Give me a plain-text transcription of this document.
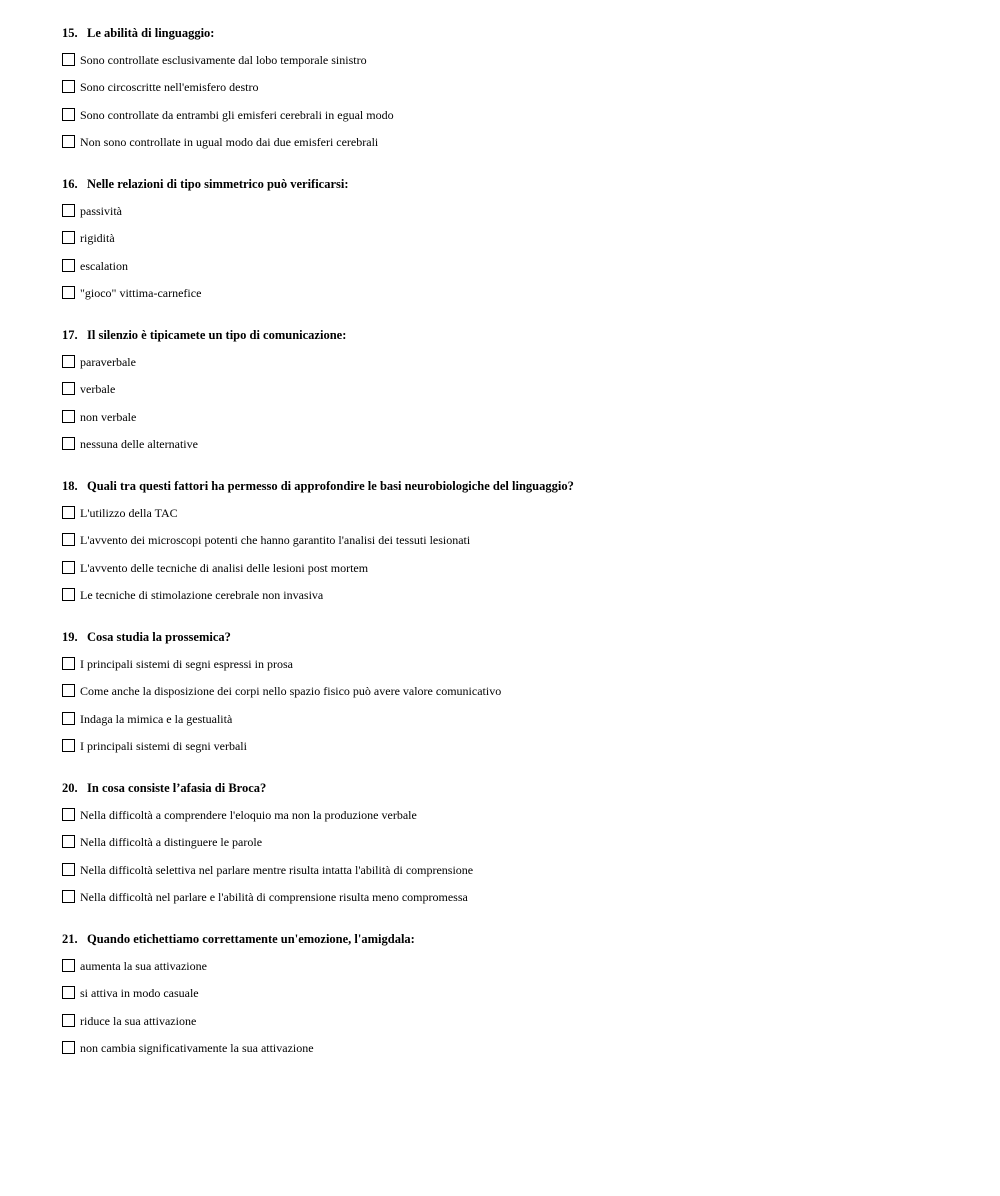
15. Le abilità di linguaggio:
Sono controllate esclusivamente dal lobo temporale sinistro
Sono circoscritte nell'emisfero destro
Sono controllate da entrambi gli emisferi cerebrali in egual modo
Non sono controllate in ugual modo dai due emisferi cerebrali
16. Nelle relazioni di tipo simmetrico può verificarsi:
passività
rigidità
escalation
"gioco" vittima-carnefice
17. Il silenzio è tipicamete un tipo di comunicazione:
paraverbale
verbale
non verbale
nessuna delle alternative
18. Quali tra questi fattori ha permesso di approfondire le basi neurobiologiche del linguaggio?
L'utilizzo della TAC
L'avvento dei microscopi potenti che hanno garantito l'analisi dei tessuti lesionati
L'avvento delle tecniche di analisi delle lesioni post mortem
Le tecniche di stimolazione cerebrale non invasiva
19. Cosa studia la prossemica?
I principali sistemi di segni espressi in prosa
Come anche la disposizione dei corpi nello spazio fisico può avere valore comunicativo
Indaga la mimica e la gestualità
I principali sistemi di segni verbali
20. In cosa consiste l’afasia di Broca?
Nella difficoltà a comprendere l'eloquio ma non la produzione verbale
Nella difficoltà a distinguere le parole
Nella difficoltà selettiva nel parlare mentre risulta intatta l'abilità di comprensione
Nella difficoltà nel parlare e l'abilità di comprensione risulta meno compromessa
21. Quando etichettiamo correttamente un'emozione, l'amigdala:
aumenta la sua attivazione
si attiva in modo casuale
riduce la sua attivazione
non cambia significativamente la sua attivazione
